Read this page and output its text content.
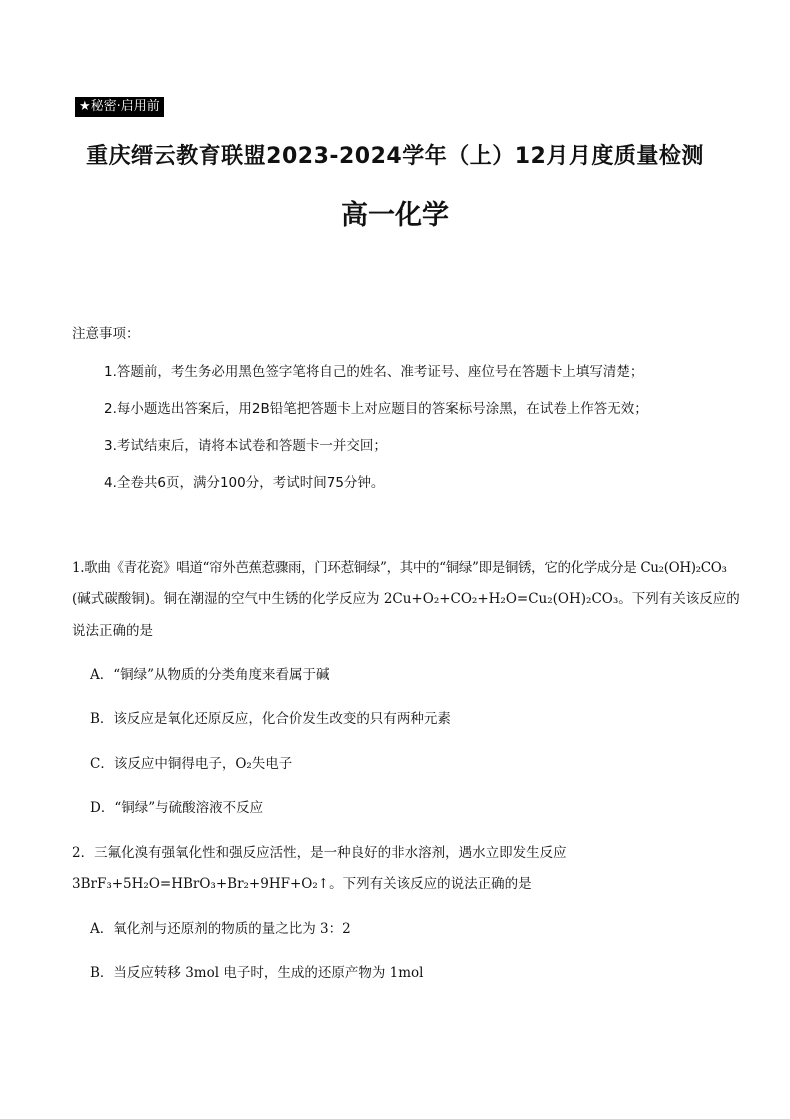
★秘密·启用前
重庆缙云教育联盟2023-2024学年（上）12月月度质量检测
高一化学
注意事项：
1.答题前，考生务必用黑色签字笔将自己的姓名、准考证号、座位号在答题卡上填写清楚；
2.每小题选出答案后，用2B铅笔把答题卡上对应题目的答案标号涂黑，在试卷上作答无效；
3.考试结束后，请将本试卷和答题卡一并交回；
4.全卷共6页，满分100分，考试时间75分钟。
1.歌曲《青花瓷》唱道“帘外芭蕉惹骤雨，门环惹铜绿”，其中的“铜绿”即是铜锈，它的化学成分是 Cu₂(OH)₂CO₃
(碱式碳酸铜)。铜在潮湿的空气中生锈的化学反应为 2Cu+O₂+CO₂+H₂O=Cu₂(OH)₂CO₃。下列有关该反应的
说法正确的是
A．“铜绿”从物质的分类角度来看属于碱
B．该反应是氧化还原反应，化合价发生改变的只有两种元素
C．该反应中铜得电子，O₂失电子
D．“铜绿”与硫酸溶液不反应
2．三氟化溴有强氧化性和强反应活性，是一种良好的非水溶剂，遇水立即发生反应
3BrF₃+5H₂O=HBrO₃+Br₂+9HF+O₂↑。下列有关该反应的说法正确的是
A．氧化剂与还原剂的物质的量之比为 3：2
B．当反应转移 3mol 电子时，生成的还原产物为 1mol
